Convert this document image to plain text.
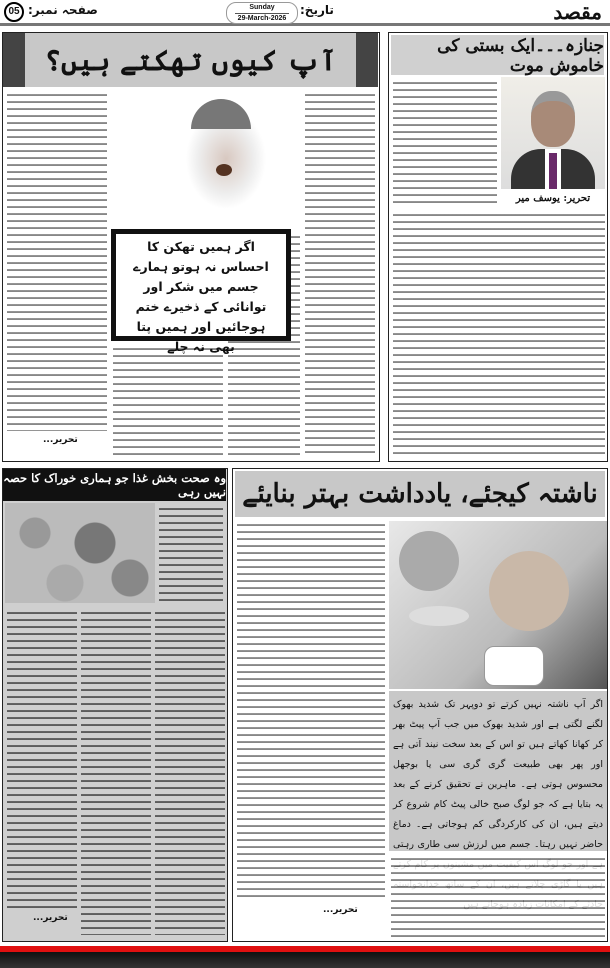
مقصد
تاریخ:
Sunday
29-March-2026
05 صفحہ نمبر:
آپ کیوں تھکتے ہیں؟
اگر ہمیں تھکن کا احساس نہ ہوتو ہمارے جسم میں شکر اور توانائی کے ذخیرے ختم ہوجائیں اور ہمیں پتا بھی نہ چلے
تحریر...
جنازہ۔۔۔ایک بستی کی خاموش موت
تحریر: یوسف میر
وہ صحت بخش غذا جو ہماری خوراک کا حصہ نہیں رہی
تحریر...
ناشتہ کیجئے، یادداشت بہتر بنایئے
اگر آپ ناشتہ نہیں کرتے تو دوپہر تک شدید بھوک لگنے لگتی ہے اور شدید بھوک میں جب آپ پیٹ بھر کر کھانا کھاتے ہیں تو اس کے بعد سخت نیند آتی ہے اور پھر بھی طبیعت گری گری سی یا بوجھل محسوس ہوتی ہے۔ ماہرین نے تحقیق کرنے کے بعد یہ بتایا ہے کہ جو لوگ صبح خالی پیٹ کام شروع کر دیتے ہیں، ان کی کارکردگی کم ہوجاتی ہے۔ دماغ حاضر نہیں رہتا۔ جسم میں لرزش سی طاری رہتی
تحریر...
